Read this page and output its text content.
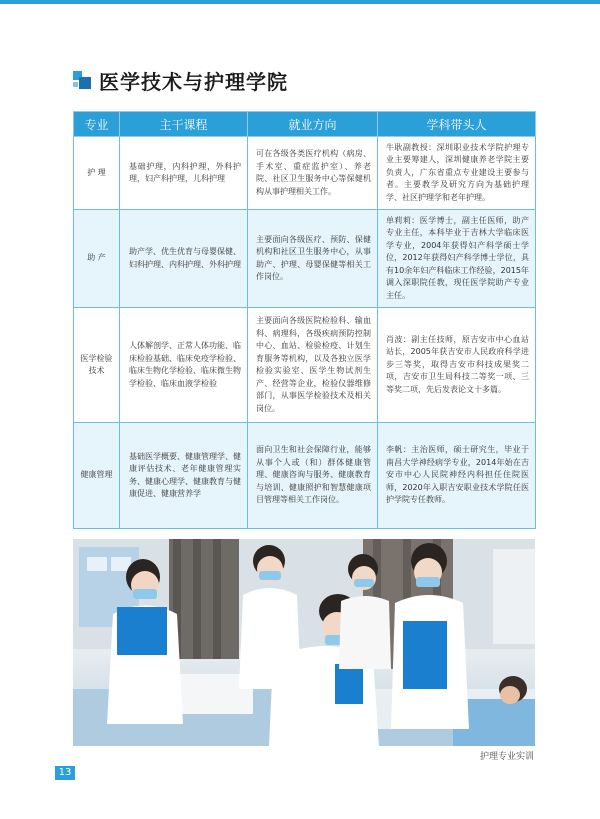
医学技术与护理学院
专业	主干课程	就业方向	学科带头人
护 理	基础护理，内科护理，外科护理，妇产科护理，儿科护理	可在各级各类医疗机构（病房、手术室、重症监护室）、养老院、社区卫生服务中心等保健机构从事护理相关工作。	牛耿副教授：深圳职业技术学院护理专业主要筹建人，深圳健康养老学院主要负责人，广东省重点专业建设主要参与者。主要教学及研究方向为基础护理学、社区护理学和老年护理。
助 产	助产学、优生优育与母婴保健、妇科护理、内科护理、外科护理	主要面向各级医疗、预防、保健机构和社区卫生服务中心，从事助产、护理、母婴保健等相关工作岗位。	单莉莉：医学博士，副主任医师，助产专业主任，本科毕业于吉林大学临床医学专业，2004年获得妇产科学硕士学位，2012年获得妇产科学博士学位，具有10余年妇产科临床工作经验，2015年调入深职院任教，现任医学院助产专业主任。
医学检验技术	人体解剖学、正常人体功能、临床检验基础、临床免疫学检验、临床生物化学检验、临床微生物学检验、临床血液学检验	主要面向各级医院检验科、输血科、病理科，各级疾病预防控制中心、血站、检验检疫、计划生育服务等机构，以及各独立医学检验实验室、医学生物试剂生产、经营等企业，检验仪器维修部门，从事医学检验技术及相关岗位。	肖波：副主任技师，原吉安市中心血站站长，2005年获吉安市人民政府科学进步三等奖，取得吉安市科技成果奖二项，吉安市卫生局科技二等奖一项、三等奖二项，先后发表论文十多篇。
健康管理	基础医学概要、健康管理学、健康评估技术、老年健康管理实务、健康心理学、健康教育与健康促进、健康营养学	面向卫生和社会保障行业，能够从事个人或（和）群体健康管理、健康咨询与服务、健康教育与培训、健康照护和智慧健康项目管理等相关工作岗位。	李帆：主治医师，硕士研究生，毕业于南昌大学神经病学专业，2014年始在吉安市中心人民院神经内科担任住院医师，2020年入职吉安职业技术学院任医护学院专任教师。
护理专业实训
13
